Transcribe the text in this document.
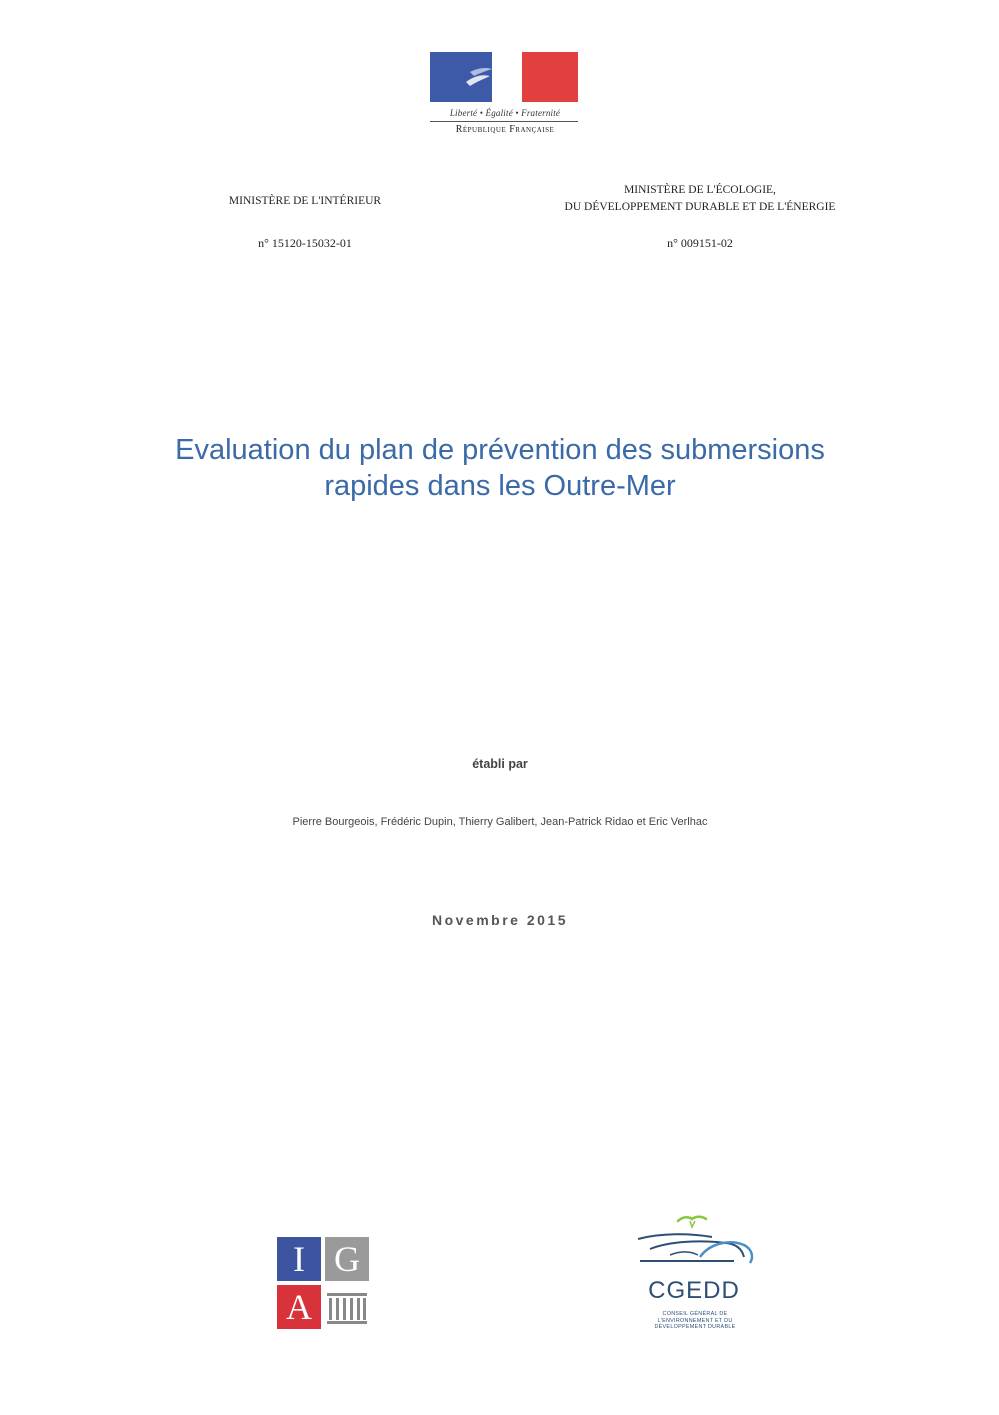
Liberté • Égalité • Fraternité
République Française
MINISTÈRE DE L'INTÉRIEUR
n° 15120-15032-01
MINISTÈRE DE L'ÉCOLOGIE,
DU DÉVELOPPEMENT DURABLE ET DE L'ÉNERGIE
n° 009151-02
Evaluation du plan de prévention des submersions
rapides dans les Outre-Mer
établi par
Pierre Bourgeois, Frédéric Dupin, Thierry Galibert, Jean-Patrick Ridao et Eric Verlhac
Novembre 2015
I G
A	CGEDD
CONSEIL GÉNÉRAL DE
L'ENVIRONNEMENT ET DU
DÉVELOPPEMENT DURABLE
